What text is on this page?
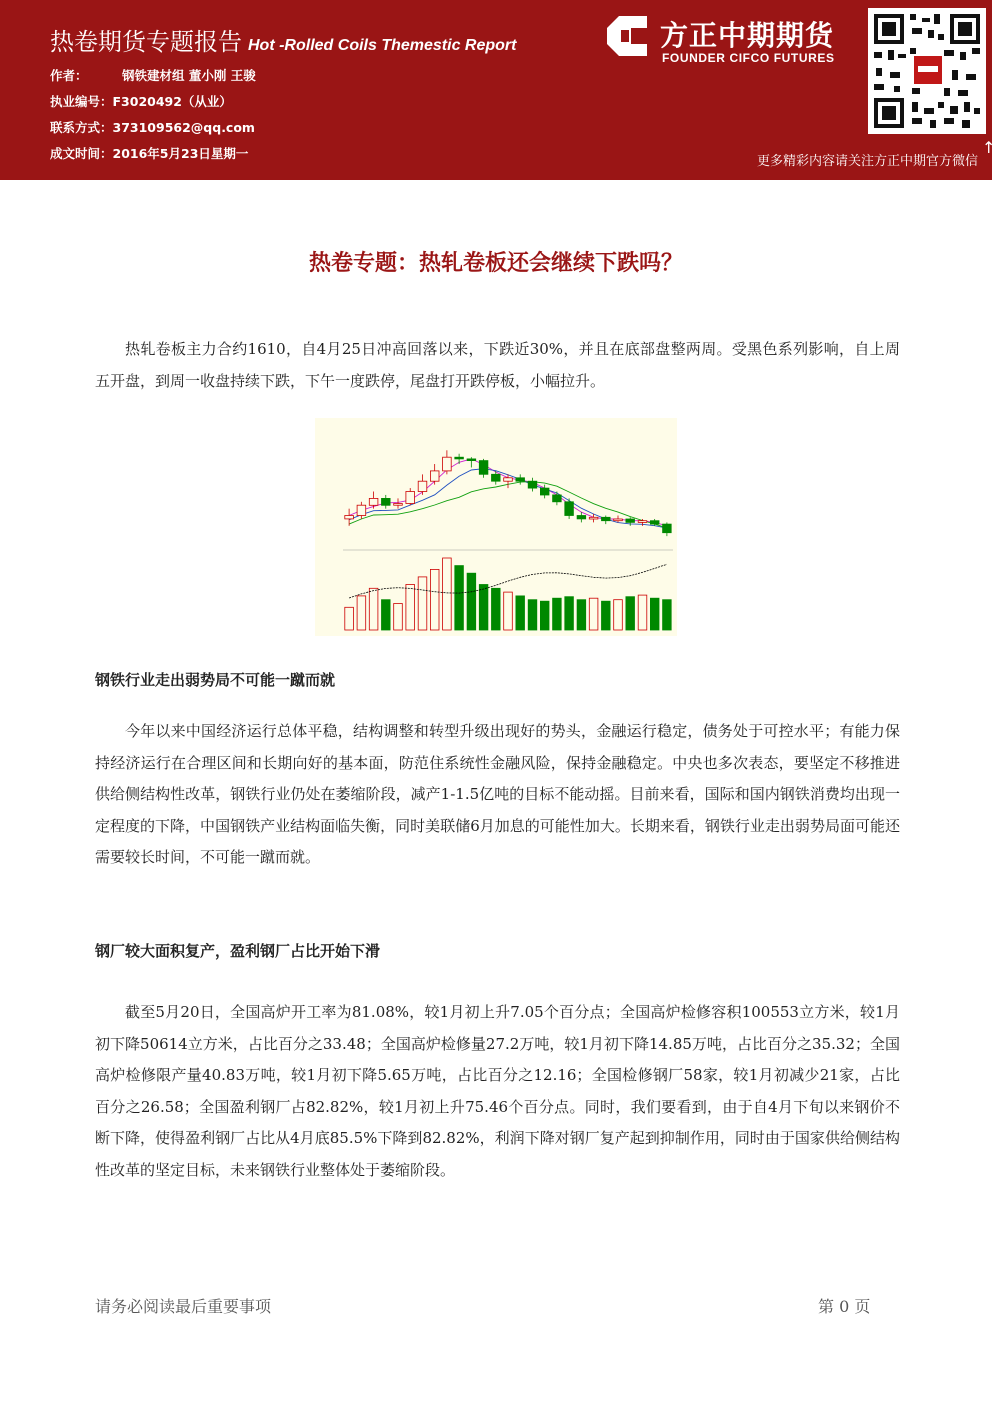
热卷期货专题报告 Hot -Rolled Coils Themestic Report
作者：	钢铁建材组 董小刚 王骏
执业编号：F3020492（从业）
联系方式：373109562@qq.com
成文时间：2016年5月23日星期一
方正中期期货
FOUNDER CIFCO FUTURES
更多精彩内容请关注方正中期官方微信
↑
热卷专题：热轧卷板还会继续下跌吗？
热轧卷板主力合约1610，自4月25日冲高回落以来，下跌近30%，并且在底部盘整两周。受黑色系列影响，自上周五开盘，到周一收盘持续下跌，下午一度跌停，尾盘打开跌停板，小幅拉升。
钢铁行业走出弱势局不可能一蹴而就
今年以来中国经济运行总体平稳，结构调整和转型升级出现好的势头，金融运行稳定，债务处于可控水平；有能力保持经济运行在合理区间和长期向好的基本面，防范住系统性金融风险，保持金融稳定。中央也多次表态，要坚定不移推进供给侧结构性改革，钢铁行业仍处在萎缩阶段，减产1-1.5亿吨的目标不能动摇。目前来看，国际和国内钢铁消费均出现一定程度的下降，中国钢铁产业结构面临失衡，同时美联储6月加息的可能性加大。长期来看，钢铁行业走出弱势局面可能还需要较长时间，不可能一蹴而就。
钢厂较大面积复产，盈利钢厂占比开始下滑
截至5月20日，全国高炉开工率为81.08%，较1月初上升7.05个百分点；全国高炉检修容积100553立方米，较1月初下降50614立方米，占比百分之33.48；全国高炉检修量27.2万吨，较1月初下降14.85万吨，占比百分之35.32；全国高炉检修限产量40.83万吨，较1月初下降5.65万吨，占比百分之12.16；全国检修钢厂58家，较1月初减少21家，占比百分之26.58；全国盈利钢厂占82.82%，较1月初上升75.46个百分点。同时，我们要看到，由于自4月下旬以来钢价不断下降，使得盈利钢厂占比从4月底85.5%下降到82.82%，利润下降对钢厂复产起到抑制作用，同时由于国家供给侧结构性改革的坚定目标，未来钢铁行业整体处于萎缩阶段。
请务必阅读最后重要事项	第 0 页
